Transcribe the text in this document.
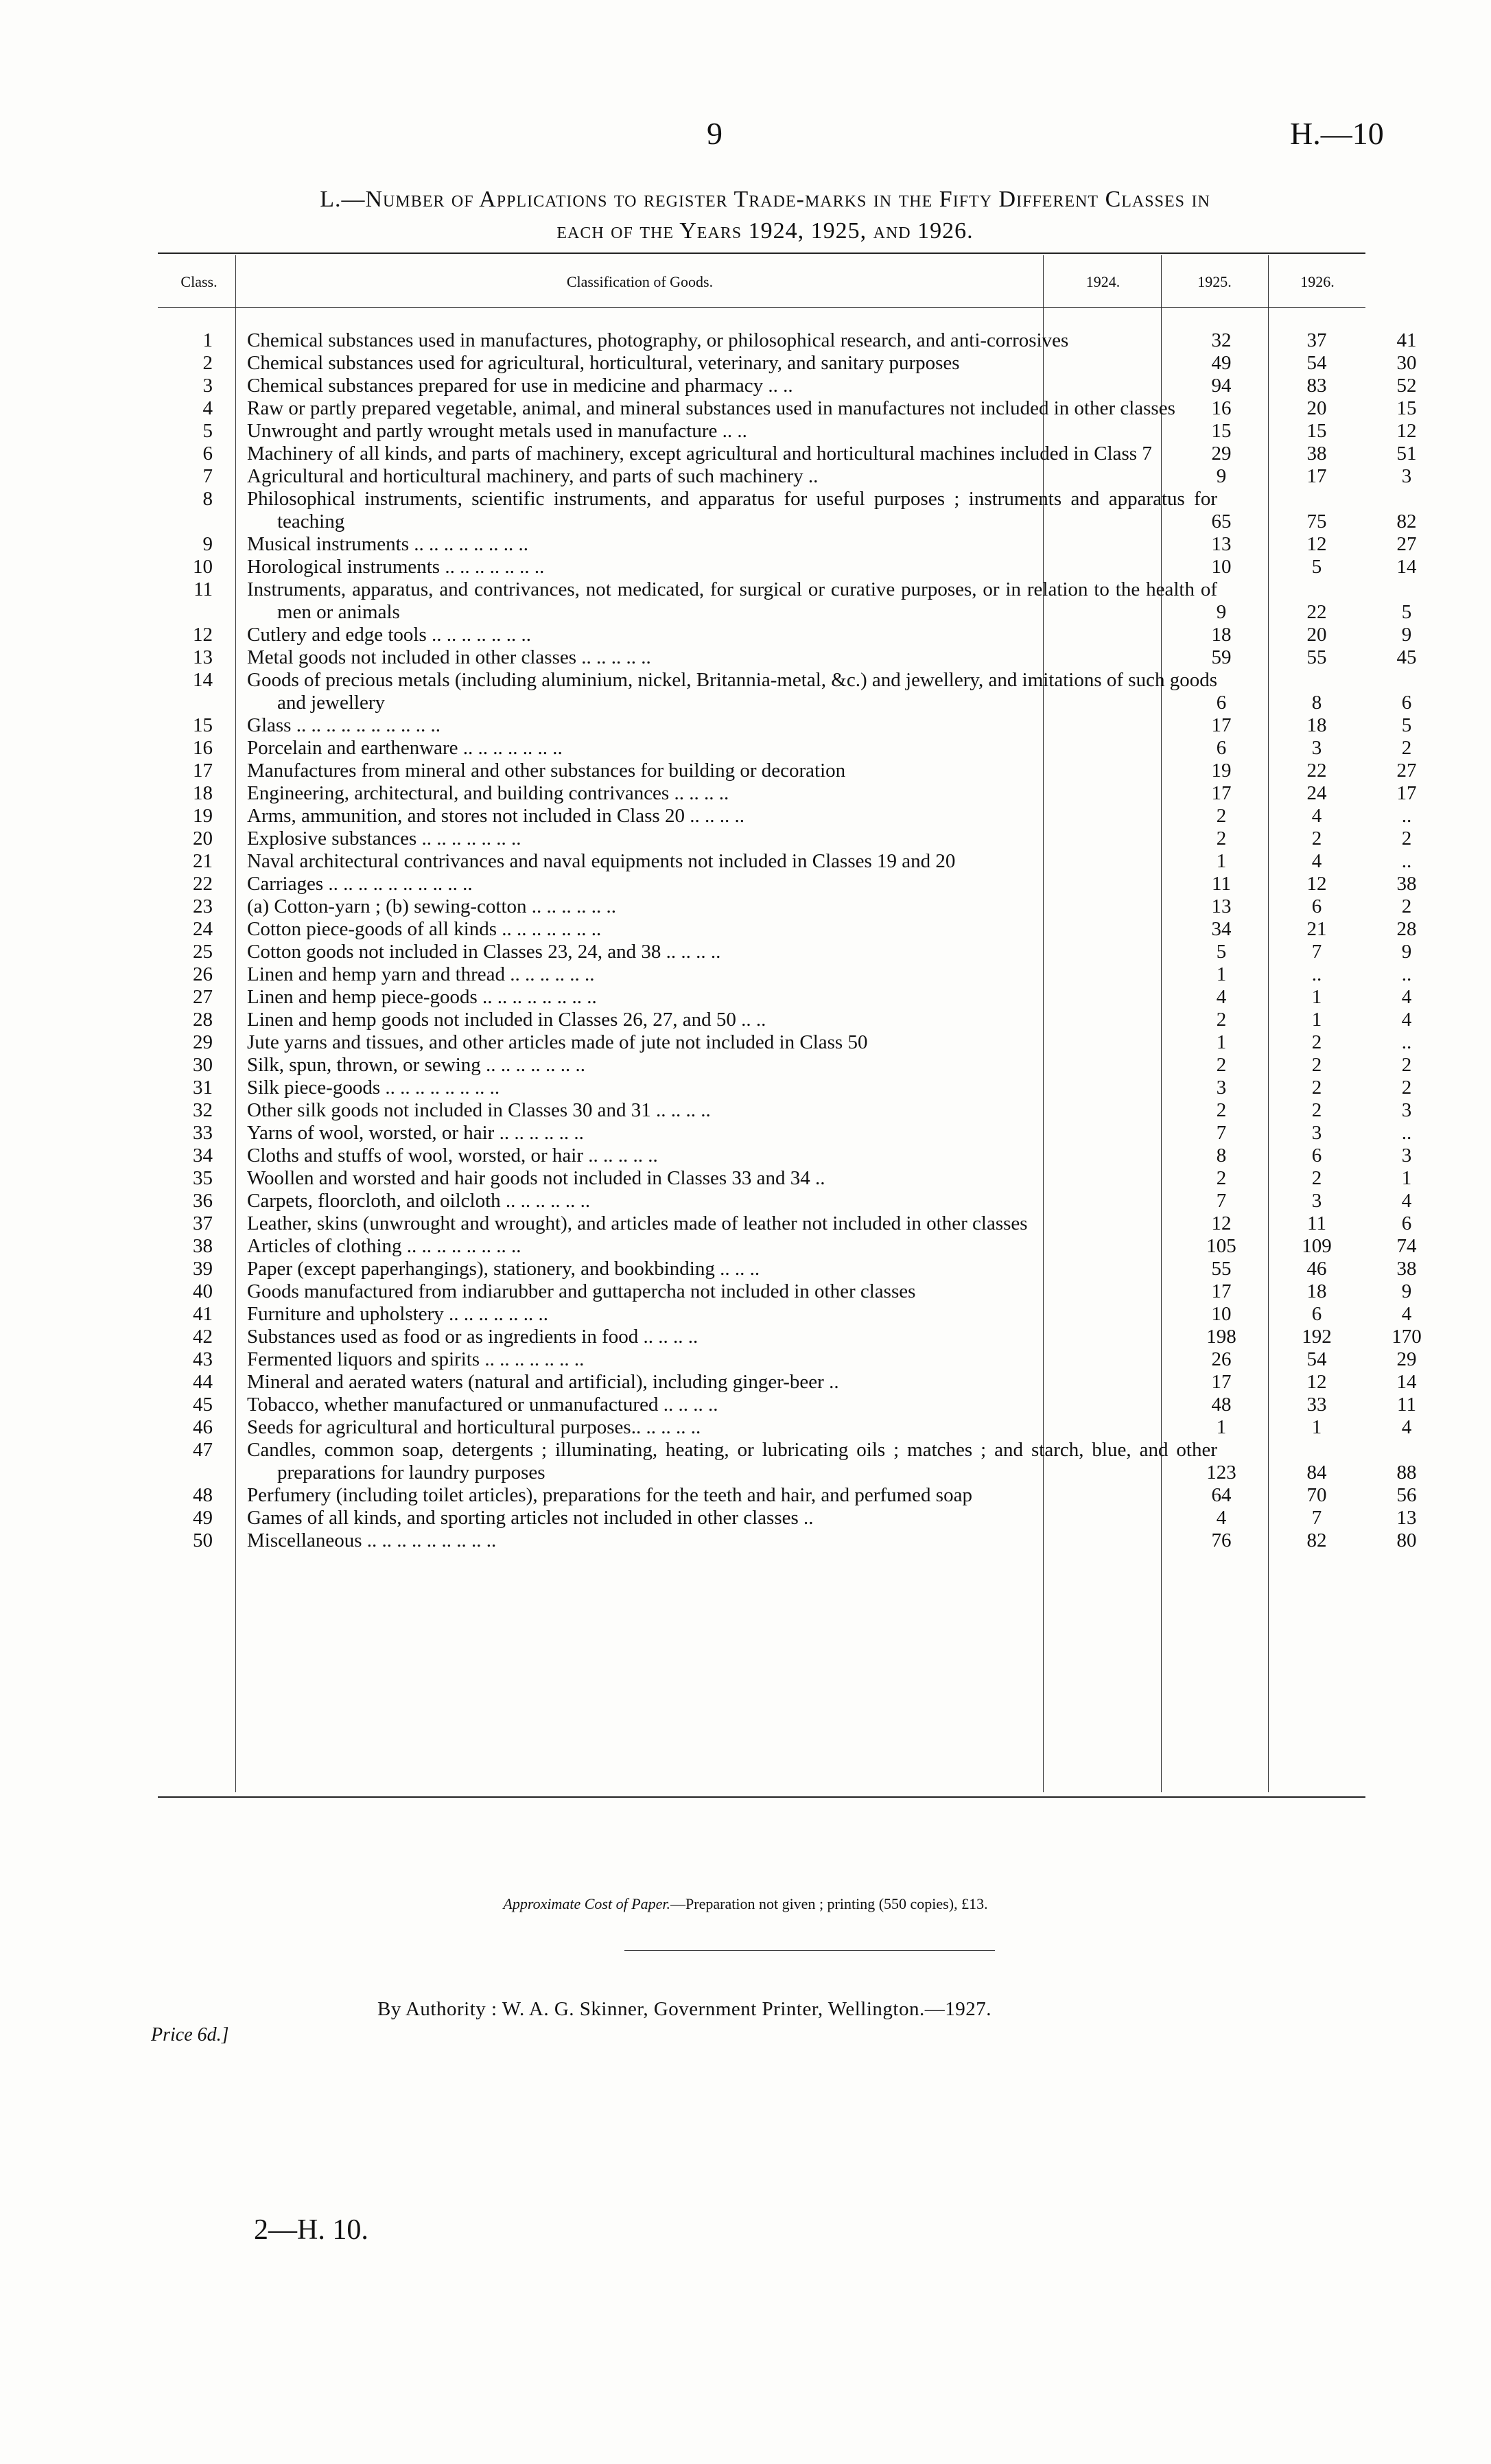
9	H.—10
L.—Number of Applications to register Trade-marks in the Fifty Different Classes in
each of the Years 1924, 1925, and 1926.
Class.	Classification of Goods.	1924.	1925.	1926.
1 Chemical substances used in manufactures, photography, or philosophical research, and anti-corrosives	32	37	41
2 Chemical substances used for agricultural, horticultural, veterinary, and sanitary purposes	49	54	30
3 Chemical substances prepared for use in medicine and pharmacy .. ..	94	83	52
4 Raw or partly prepared vegetable, animal, and mineral substances used in manufactures not included in other classes	16	20	15
5 Unwrought and partly wrought metals used in manufacture .. ..	15	15	12
6 Machinery of all kinds, and parts of machinery, except agricultural and horticultural machines included in Class 7	29	38	51
7 Agricultural and horticultural machinery, and parts of such machinery ..	9	17	3
8 Philosophical instruments, scientific instruments, and apparatus for useful purposes ; instruments and apparatus for teaching	65	75	82
9 Musical instruments .. .. .. .. .. .. .. ..	13	12	27
10 Horological instruments .. .. .. .. .. .. ..	10	5	14
11 Instruments, apparatus, and contrivances, not medicated, for surgical or curative purposes, or in relation to the health of men or animals	9	22	5
12 Cutlery and edge tools .. .. .. .. .. .. ..	18	20	9
13 Metal goods not included in other classes .. .. .. .. ..	59	55	45
14 Goods of precious metals (including aluminium, nickel, Britannia-metal, &c.) and jewellery, and imitations of such goods and jewellery	6	8	6
15 Glass .. .. .. .. .. .. .. .. .. ..	17	18	5
16 Porcelain and earthenware .. .. .. .. .. .. ..	6	3	2
17 Manufactures from mineral and other substances for building or decoration	19	22	27
18 Engineering, architectural, and building contrivances .. .. .. ..	17	24	17
19 Arms, ammunition, and stores not included in Class 20 .. .. .. ..	2	4	..
20 Explosive substances .. .. .. .. .. .. ..	2	2	2
21 Naval architectural contrivances and naval equipments not included in Classes 19 and 20	1	4	..
22 Carriages .. .. .. .. .. .. .. .. .. ..	11	12	38
23 (a) Cotton-yarn ; (b) sewing-cotton .. .. .. .. .. ..	13	6	2
24 Cotton piece-goods of all kinds .. .. .. .. .. .. ..	34	21	28
25 Cotton goods not included in Classes 23, 24, and 38 .. .. .. ..	5	7	9
26 Linen and hemp yarn and thread .. .. .. .. .. ..	1	..	..
27 Linen and hemp piece-goods .. .. .. .. .. .. .. ..	4	1	4
28 Linen and hemp goods not included in Classes 26, 27, and 50 .. ..	2	1	4
29 Jute yarns and tissues, and other articles made of jute not included in Class 50	1	2	..
30 Silk, spun, thrown, or sewing .. .. .. .. .. .. ..	2	2	2
31 Silk piece-goods .. .. .. .. .. .. .. ..	3	2	2
32 Other silk goods not included in Classes 30 and 31 .. .. .. ..	2	2	3
33 Yarns of wool, worsted, or hair .. .. .. .. .. ..	7	3	..
34 Cloths and stuffs of wool, worsted, or hair .. .. .. .. ..	8	6	3
35 Woollen and worsted and hair goods not included in Classes 33 and 34 ..	2	2	1
36 Carpets, floorcloth, and oilcloth .. .. .. .. .. ..	7	3	4
37 Leather, skins (unwrought and wrought), and articles made of leather not included in other classes	12	11	6
38 Articles of clothing .. .. .. .. .. .. .. ..	105	109	74
39 Paper (except paperhangings), stationery, and bookbinding .. .. ..	55	46	38
40 Goods manufactured from indiarubber and guttapercha not included in other classes	17	18	9
41 Furniture and upholstery .. .. .. .. .. .. ..	10	6	4
42 Substances used as food or as ingredients in food .. .. .. ..	198	192	170
43 Fermented liquors and spirits .. .. .. .. .. .. ..	26	54	29
44 Mineral and aerated waters (natural and artificial), including ginger-beer ..	17	12	14
45 Tobacco, whether manufactured or unmanufactured .. .. .. ..	48	33	11
46 Seeds for agricultural and horticultural purposes.. .. .. .. ..	1	1	4
47 Candles, common soap, detergents ; illuminating, heating, or lubricating oils ; matches ; and starch, blue, and other preparations for laundry purposes	123	84	88
48 Perfumery (including toilet articles), preparations for the teeth and hair, and perfumed soap	64	70	56
49 Games of all kinds, and sporting articles not included in other classes ..	4	7	13
50 Miscellaneous .. .. .. .. .. .. .. .. ..	76	82	80
Approximate Cost of Paper.—Preparation not given ; printing (550 copies), £13.
By Authority : W. A. G. Skinner, Government Printer, Wellington.—1927.
Price 6d.]
2—H. 10.
